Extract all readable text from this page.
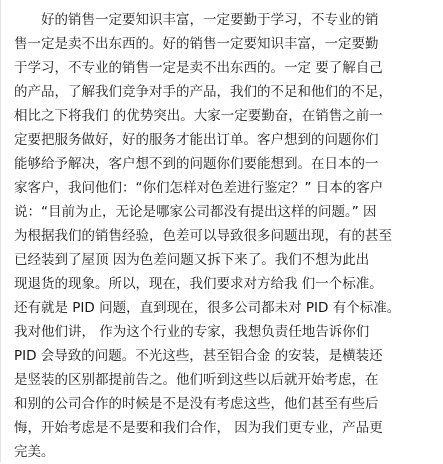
　　好的销售一定要知识丰富，一定要勤于学习，不专业的销
售一定是卖不出东西的。好的销售一定要知识丰富，一定要勤
于学习，不专业的销售一定是卖不出东西的。一定 要了解自己
的产品，了解我们竞争对手的产品，我们的不足和他们的不足，
相比之下将我们 的优势突出。大家一定要勤奋，在销售之前一
定要把服务做好，好的服务才能出订单。客户想到的问题你们
能够给予解决，客户想不到的问题你们要能想到。在日本的一
家客户，我问他们：“你们怎样对色差进行鉴定？” 日本的客户
说：“目前为止，无论是哪家公司都没有提出这样的问题。” 因
为根据我们的销售经验，色差可以导致很多问题出现，有的甚至
已经装到了屋顶 因为色差问题又拆下来了。我们不想为此出
现退货的现象。所以，现在，我们要求对方给我 们一个标准。
还有就是 PID 问题，直到现在，很多公司都未对 PID 有个标准。
我对他们讲， 作为这个行业的专家，我想负责任地告诉你们
PID 会导致的问题。不光这些，甚至铝合金 的安装，是横装还
是竖装的区别都提前告之。他们听到这些以后就开始考虑，在
和别的公司合作的时候是不是没有考虑这些，他们甚至有些后
悔，开始考虑是不是要和我们合作， 因为我们更专业，产品更
完美。
